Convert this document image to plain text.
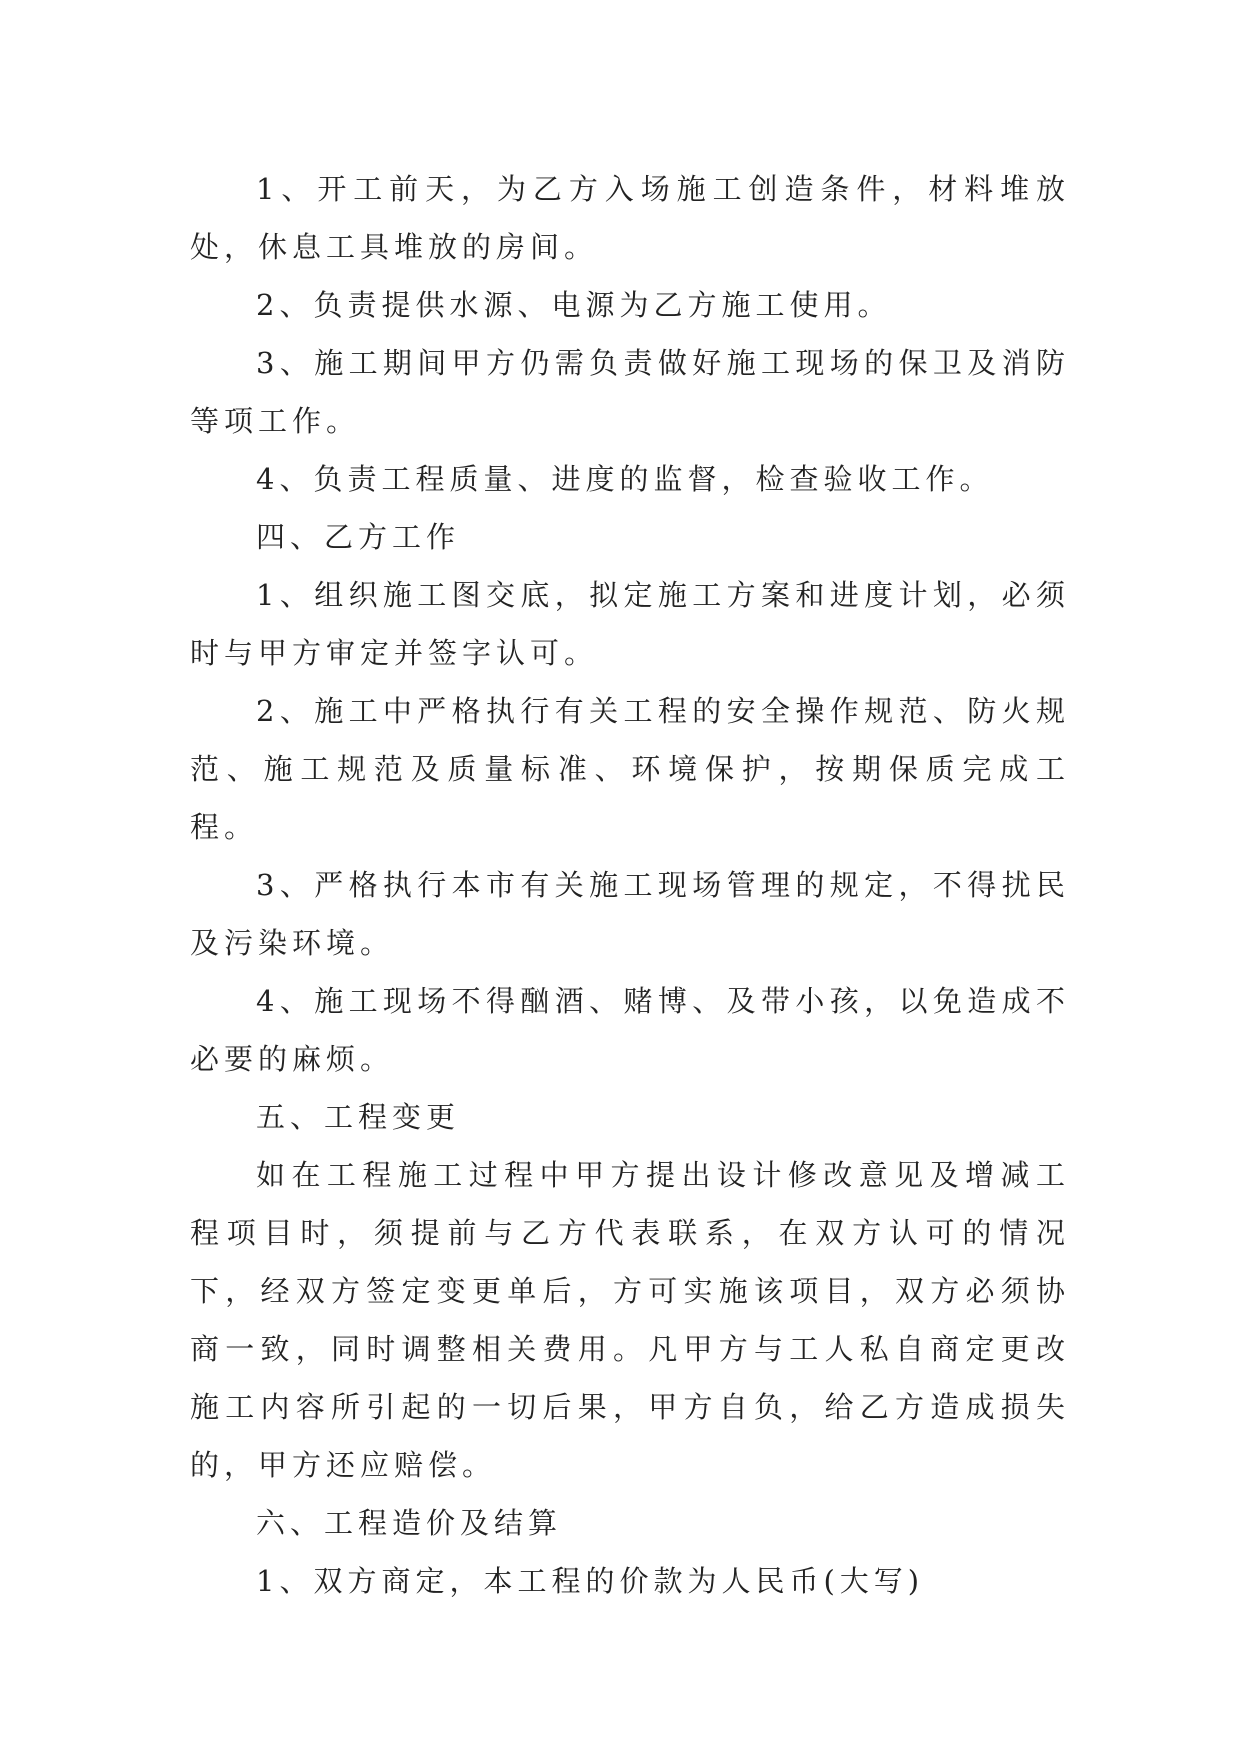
1、开工前天，为乙方入场施工创造条件，材料堆放处，休息工具堆放的房间。

2、负责提供水源、电源为乙方施工使用。

3、施工期间甲方仍需负责做好施工现场的保卫及消防等项工作。

4、负责工程质量、进度的监督，检查验收工作。

四、乙方工作

1、组织施工图交底，拟定施工方案和进度计划，必须时与甲方审定并签字认可。

2、施工中严格执行有关工程的安全操作规范、防火规范、施工规范及质量标准、环境保护，按期保质完成工程。

3、严格执行本市有关施工现场管理的规定，不得扰民及污染环境。

4、施工现场不得酗酒、赌博、及带小孩，以免造成不必要的麻烦。

五、工程变更

如在工程施工过程中甲方提出设计修改意见及增减工程项目时，须提前与乙方代表联系，在双方认可的情况下，经双方签定变更单后，方可实施该项目，双方必须协商一致，同时调整相关费用。凡甲方与工人私自商定更改施工内容所引起的一切后果，甲方自负，给乙方造成损失的，甲方还应赔偿。

六、工程造价及结算

1、双方商定，本工程的价款为人民币(大写)
